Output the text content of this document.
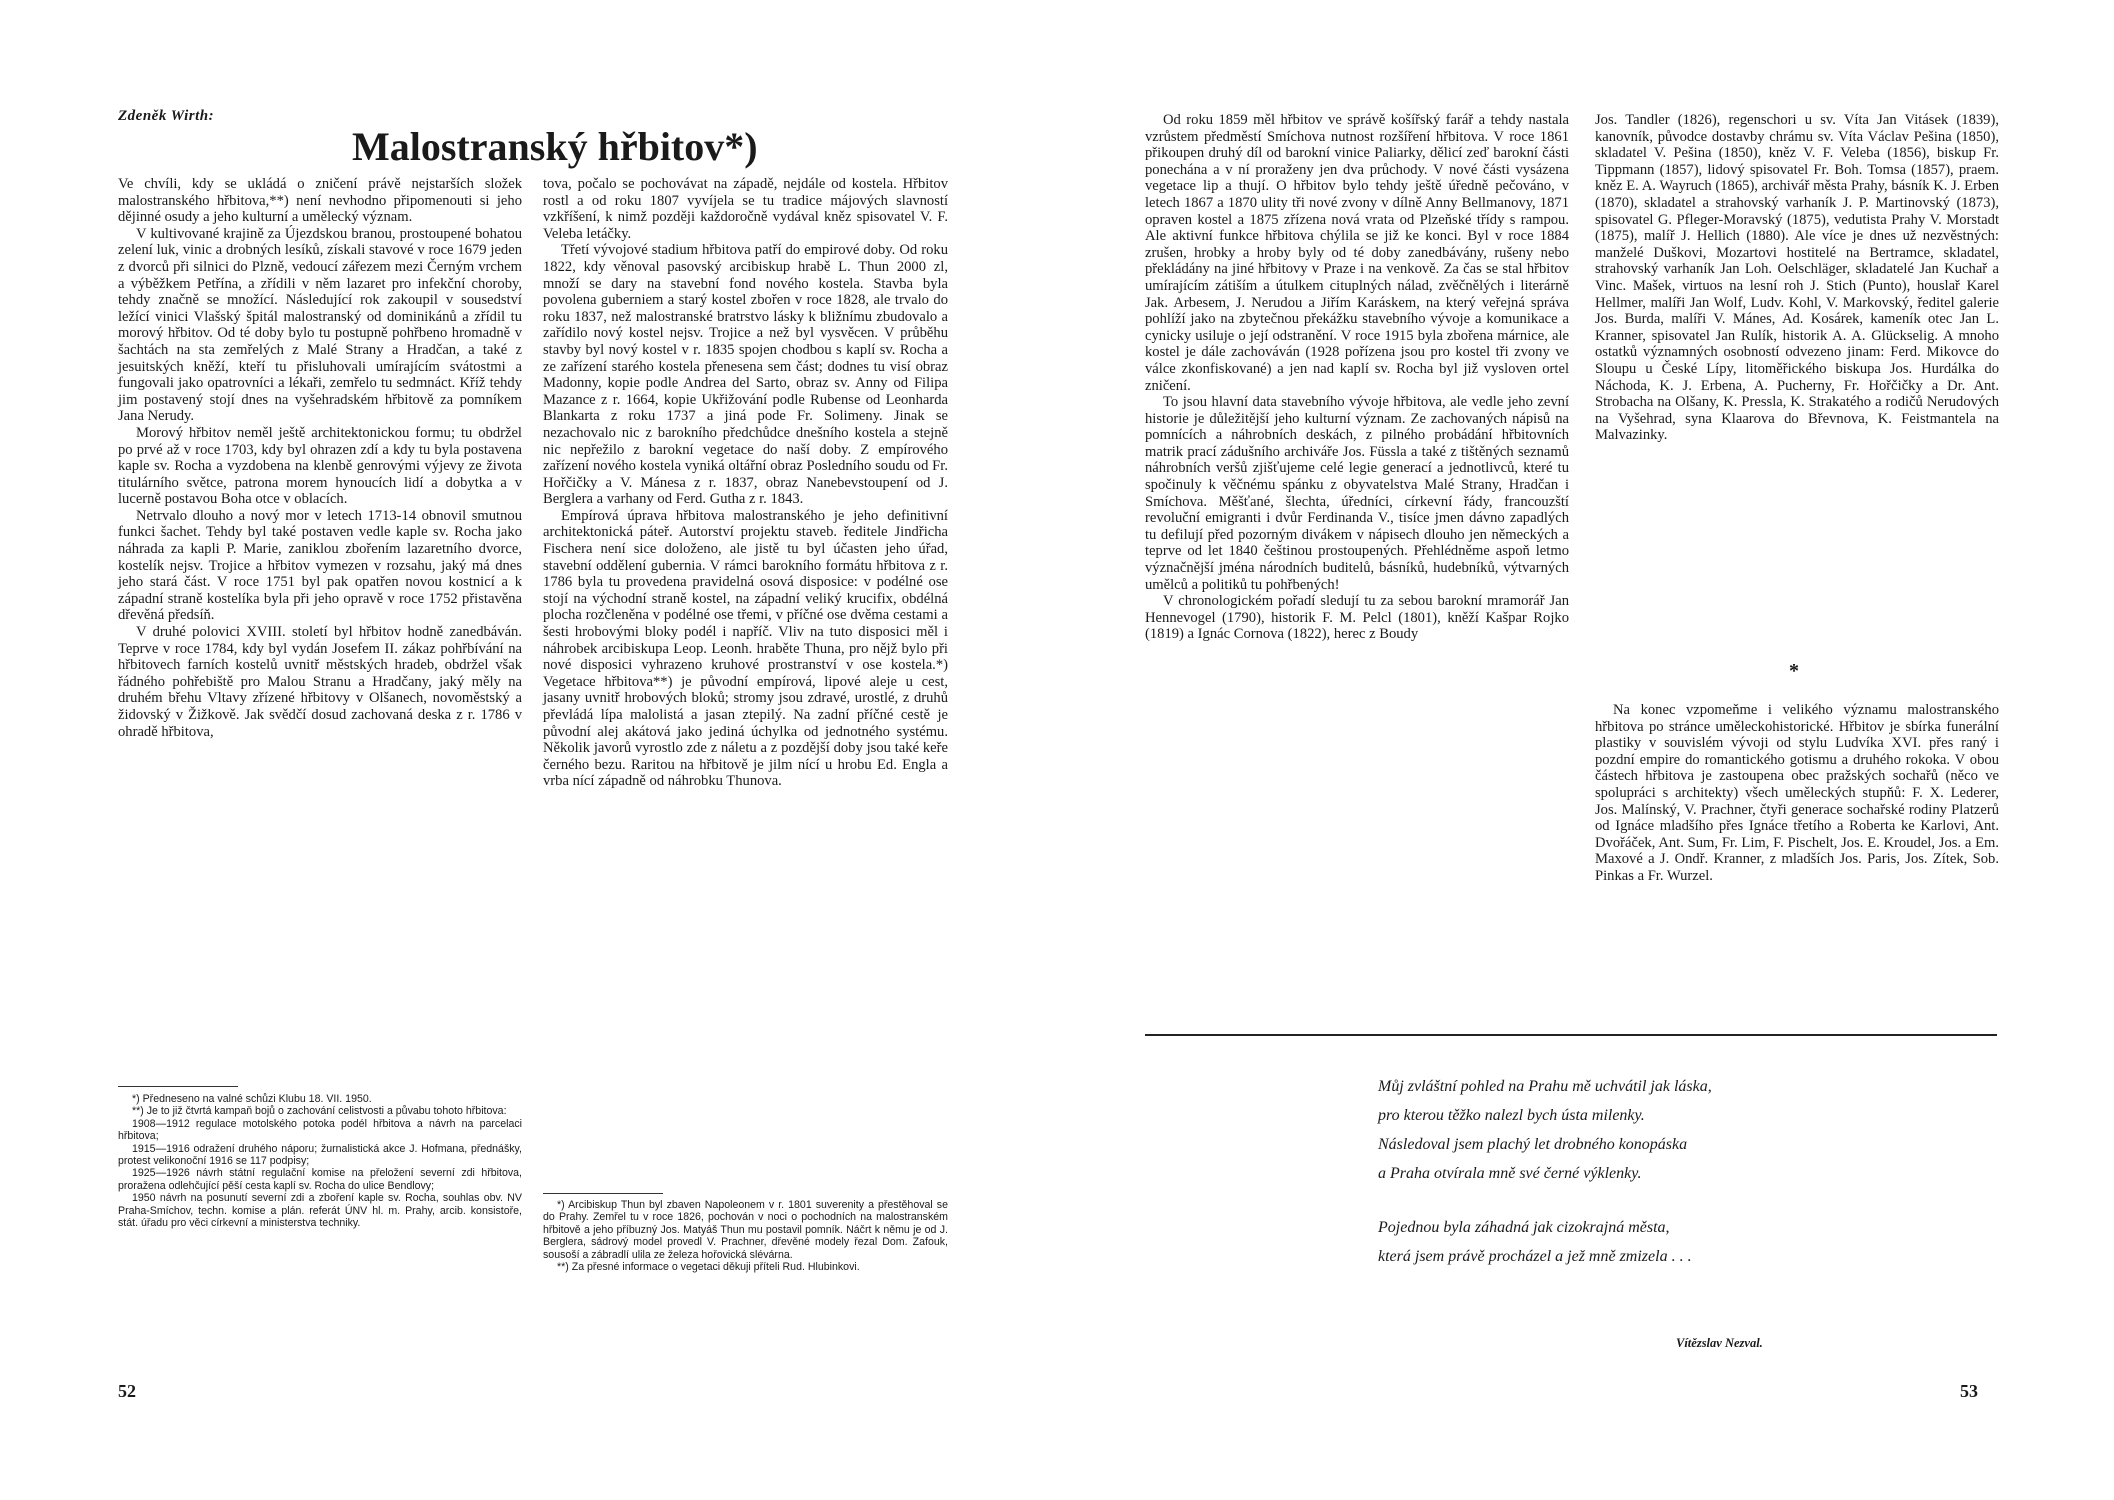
Zdeněk Wirth:
Malostranský hřbitov*)

Ve chvíli, kdy se ukládá o zničení právě nejstarších složek malostranského hřbitova,**) není nevhodno připomenouti si jeho dějinné osudy a jeho kulturní a umělecký význam.

V kultivované krajině za Újezdskou branou, prostoupené bohatou zelení luk, vinic a drobných lesíků, získali stavové v roce 1679 jeden z dvorců při silnici do Plzně, vedoucí zářezem mezi Černým vrchem a výběžkem Petřína, a zřídili v něm lazaret pro infekční choroby, tehdy značně se množící. Následující rok zakoupil v sousedství ležící vinici Vlašský špitál malostranský od dominikánů a zřídil tu morový hřbitov. Od té doby bylo tu postupně pohřbeno hromadně v šachtách na sta zemřelých z Malé Strany a Hradčan, a také z jesuitských kněží, kteří tu přisluhovali umírajícím svátostmi a fungovali jako opatrovníci a lékaři, zemřelo tu sedmnáct. Kříž tehdy jim postavený stojí dnes na vyšehradském hřbitově za pomníkem Jana Nerudy.

Morový hřbitov neměl ještě architektonickou formu; tu obdržel po prvé až v roce 1703, kdy byl ohrazen zdí a kdy tu byla postavena kaple sv. Rocha a vyzdobena na klenbě genrovými výjevy ze života titulárního světce, patrona morem hynoucích lidí a dobytka a v lucerně postavou Boha otce v oblacích.

Netrvalo dlouho a nový mor v letech 1713-14 obnovil smutnou funkci šachet. Tehdy byl také postaven vedle kaple sv. Rocha jako náhrada za kapli P. Marie, zaniklou zbořením lazaretního dvorce, kostelík nejsv. Trojice a hřbitov vymezen v rozsahu, jaký má dnes jeho stará část. V roce 1751 byl pak opatřen novou kostnicí a k západní straně kostelíka byla při jeho opravě v roce 1752 přistavěna dřevěná předsíň.

V druhé polovici XVIII. století byl hřbitov hodně zanedbáván. Teprve v roce 1784, kdy byl vydán Josefem II. zákaz pohřbívání na hřbitovech farních kostelů uvnitř městských hradeb, obdržel však řádného pohřebiště pro Malou Stranu a Hradčany, jaký měly na druhém břehu Vltavy zřízené hřbitovy v Olšanech, novoměstský a židovský v Žižkově. Jak svědčí dosud zachovaná deska z r. 1786 v ohradě hřbitova,

tova, počalo se pochovávat na západě, nejdále od kostela. Hřbitov rostl a od roku 1807 vyvíjela se tu tradice májových slavností vzkříšení, k nimž později každoročně vydával kněz spisovatel V. F. Veleba letáčky.

Třetí vývojové stadium hřbitova patří do empirové doby. Od roku 1822, kdy věnoval pasovský arcibiskup hrabě L. Thun 2000 zl, množí se dary na stavební fond nového kostela. Stavba byla povolena guberniem a starý kostel zbořen v roce 1828, ale trvalo do roku 1837, než malostranské bratrstvo lásky k bližnímu zbudovalo a zařídilo nový kostel nejsv. Trojice a než byl vysvěcen. V průběhu stavby byl nový kostel v r. 1835 spojen chodbou s kaplí sv. Rocha a ze zařízení starého kostela přenesena sem část; dodnes tu visí obraz Madonny, kopie podle Andrea del Sarto, obraz sv. Anny od Filipa Mazance z r. 1664, kopie Ukřižování podle Rubense od Leonharda Blankarta z roku 1737 a jiná pode Fr. Solimeny. Jinak se nezachovalo nic z barokního předchůdce dnešního kostela a stejně nic nepřežilo z barokní vegetace do naší doby. Z empírového zařízení nového kostela vyniká oltářní obraz Posledního soudu od Fr. Hořčičky a V. Mánesa z r. 1837, obraz Nanebevstoupení od J. Berglera a varhany od Ferd. Gutha z r. 1843.

Empírová úprava hřbitova malostranského je jeho definitivní architektonická páteř. Autorství projektu staveb. ředitele Jindřicha Fischera není sice doloženo, ale jistě tu byl účasten jeho úřad, stavební oddělení gubernia. V rámci barokního formátu hřbitova z r. 1786 byla tu provedena pravidelná osová disposice: v podélné ose stojí na východní straně kostel, na západní veliký krucifix, obdélná plocha rozčleněna v podélné ose třemi, v příčné ose dvěma cestami a šesti hrobovými bloky podél i napříč. Vliv na tuto disposici měl i náhrobek arcibiskupa Leop. Leonh. hraběte Thuna, pro nějž bylo při nové disposici vyhrazeno kruhové prostranství v ose kostela.*) Vegetace hřbitova**) je původní empírová, lipové aleje u cest, jasany uvnitř hrobových bloků; stromy jsou zdravé, urostlé, z druhů převládá lípa malolistá a jasan ztepilý. Na zadní příčné cestě je původní alej akátová jako jediná úchylka od jednotného systému. Několik javorů vyrostlo zde z náletu a z pozdější doby jsou také keře černého bezu. Raritou na hřbitově je jilm nící u hrobu Ed. Engla a vrba nící západně od náhrobku Thunova.

*) Předneseno na valné schůzi Klubu 18. VII. 1950.

**) Je to již čtvrtá kampaň bojů o zachování celistvosti a půvabu tohoto hřbitova:

1908—1912 regulace motolského potoka podél hřbitova a návrh na parcelaci hřbitova;

1915—1916 odražení druhého náporu; žurnalistická akce J. Hofmana, přednášky, protest velikonoční 1916 se 117 podpisy;

1925—1926 návrh státní regulační komise na přeložení severní zdi hřbitova, proražena odlehčující pěší cesta kaplí sv. Rocha do ulice Bendlovy;

1950 návrh na posunutí severní zdi a zboření kaple sv. Rocha, souhlas obv. NV Praha-Smíchov, techn. komise a plán. referát ÚNV hl. m. Prahy, arcib. konsistoře, stát. úřadu pro věci církevní a ministerstva techniky.

*) Arcibiskup Thun byl zbaven Napoleonem v r. 1801 suverenity a přestěhoval se do Prahy. Zemřel tu v roce 1826, pochován v noci o pochodních na malostranském hřbitově a jeho příbuzný Jos. Matyáš Thun mu postavil pomník. Náčrt k němu je od J. Berglera, sádrový model provedl V. Prachner, dřevěné modely řezal Dom. Zafouk, sousoší a zábradlí ulila ze železa hořovická slévárna.

**) Za přesné informace o vegetaci děkuji příteli Rud. Hlubinkovi.

52

Od roku 1859 měl hřbitov ve správě košířský farář a tehdy nastala vzrůstem předměstí Smíchova nutnost rozšíření hřbitova. V roce 1861 přikoupen druhý díl od barokní vinice Paliarky, dělicí zeď barokní části ponechána a v ní proraženy jen dva průchody. V nové části vysázena vegetace lip a thují. O hřbitov bylo tehdy ještě úředně pečováno, v letech 1867 a 1870 ulity tři nové zvony v dílně Anny Bellmanovy, 1871 opraven kostel a 1875 zřízena nová vrata od Plzeňské třídy s rampou. Ale aktivní funkce hřbitova chýlila se již ke konci. Byl v roce 1884 zrušen, hrobky a hroby byly od té doby zanedbávány, rušeny nebo překládány na jiné hřbitovy v Praze i na venkově. Za čas se stal hřbitov umírajícím zátiším a útulkem citupl​ných nálad, zvěčnělých i literárně Jak. Arbesem, J. Nerudou a Jiřím Karáskem, na který veřejná správa pohlíží jako na zbytečnou překážku stavebního vývoje a komunikace a cynicky usiluje o její odstranění. V roce 1915 byla zbořena márnice, ale kostel je dále zachováván (1928 pořízena jsou pro kostel tři zvony ve válce zkonfiskované) a jen nad kaplí sv. Rocha byl již vysloven ortel zničení.

To jsou hlavní data stavebního vývoje hřbitova, ale vedle jeho zevní historie je důležitější jeho kulturní význam. Ze zachovaných nápisů na pomnících a náhrobních deskách, z pilného probádání hřbitovních matrik prací zádušního archiváře Jos. Füssla a také z tištěných seznamů náhrobních veršů zjišťujeme celé legie generací a jednotlivců, které tu spočinuly k věčnému spánku z obyvatelstva Malé Strany, Hradčan i Smíchova. Měšťané, šlechta, úředníci, církevní řády, francouzští revoluční emigranti i dvůr Ferdinanda V., tisíce jmen dávno zapadlých tu defilují před pozorným divákem v nápisech dlouho jen německých a teprve od let 1840 češtinou prostoupených. Přehlédněme aspoň letmo význačnější jména národních buditelů, básníků, hudebníků, výtvarných umělců a politiků tu pohřbených!

V chronologickém pořadí sledují tu za sebou barokní mramorář Jan Hennevogel (1790), historik F. M. Pelcl (1801), kněží Kašpar Rojko (1819) a Ignác Cornova (1822), herec z Boudy

Jos. Tandler (1826), regenschori u sv. Víta Jan Vitásek (1839), kanovník, původce dostavby chrámu sv. Víta Václav Pešina (1850), skladatel V. Pešina (1850), kněz V. F. Veleba (1856), biskup Fr. Tippmann (1857), lidový spisovatel Fr. Boh. Tomsa (1857), praem. kněz E. A. Wayruch (1865), archivář města Prahy, básník K. J. Erben (1870), skladatel a strahovský varhaník J. P. Martinovský (1873), spisovatel G. Pfleger-Moravský (1875), vedutista Prahy V. Morstadt (1875), malíř J. Hellich (1880). Ale více je dnes už nezvěstných: manželé Duškovi, Mozartovi hostitelé na Bertramce, skladatel, strahovský varhaník Jan Loh. Oelschläger, skladatelé Jan Kuchař a Vinc. Mašek, virtuos na lesní roh J. Stich (Punto), houslař Karel Hellmer, malíři Jan Wolf, Ludv. Kohl, V. Markovský, ředitel galerie Jos. Burda, malíři V. Mánes, Ad. Kosárek, kameník otec Jan L. Kranner, spisovatel Jan Rulík, historik A. A. Glückselig. A mnoho ostatků významných osobností odvezeno jinam: Ferd. Mikovce do Sloupu u České Lípy, litoměřického biskupa Jos. Hurdálka do Náchoda, K. J. Erbena, A. Pucherny, Fr. Hořčičky a Dr. Ant. Strobacha na Olšany, K. Pressla, K. Strakatého a rodičů Nerudových na Vyšehrad, syna Klaarova do Břevnova, K. Feistmantela na Malvazinky.

Na konec vzpomeňme i velikého významu malostranského hřbitova po stránce uměleckohistorické. Hřbitov je sbírka funerální plastiky v souvislém vývoji od stylu Ludvíka XVI. přes raný i pozdní empire do romantického gotismu a druhého rokoka. V obou částech hřbitova je zastoupena obec pražských sochařů (něco ve spolupráci s architekty) všech uměleckých stupňů: F. X. Lederer, Jos. Malínský, V. Prachner, čtyři generace sochařské rodiny Platzerů od Ignáce mladšího přes Ignáce třetího a Roberta ke Karlovi, Ant. Dvořáček, Ant. Sum, Fr. Lim, F. Pischelt, Jos. E. Kroudel, Jos. a Em. Maxové a J. Ondř. Kranner, z mladších Jos. Paris, Jos. Zítek, Sob. Pinkas a Fr. Wurzel.

*
Můj zvláštní pohled na Prahu mě uchvátil jak láska,
pro kterou těžko nalezl bych ústa milenky.
Následoval jsem plachý let drobného konopáska
a Praha otvírala mně své černé výklenky.
Pojednou byla záhadná jak cizokrajná města,
která jsem právě procházel a jež mně zmizela . . .
Vítězslav Nezval.
53
